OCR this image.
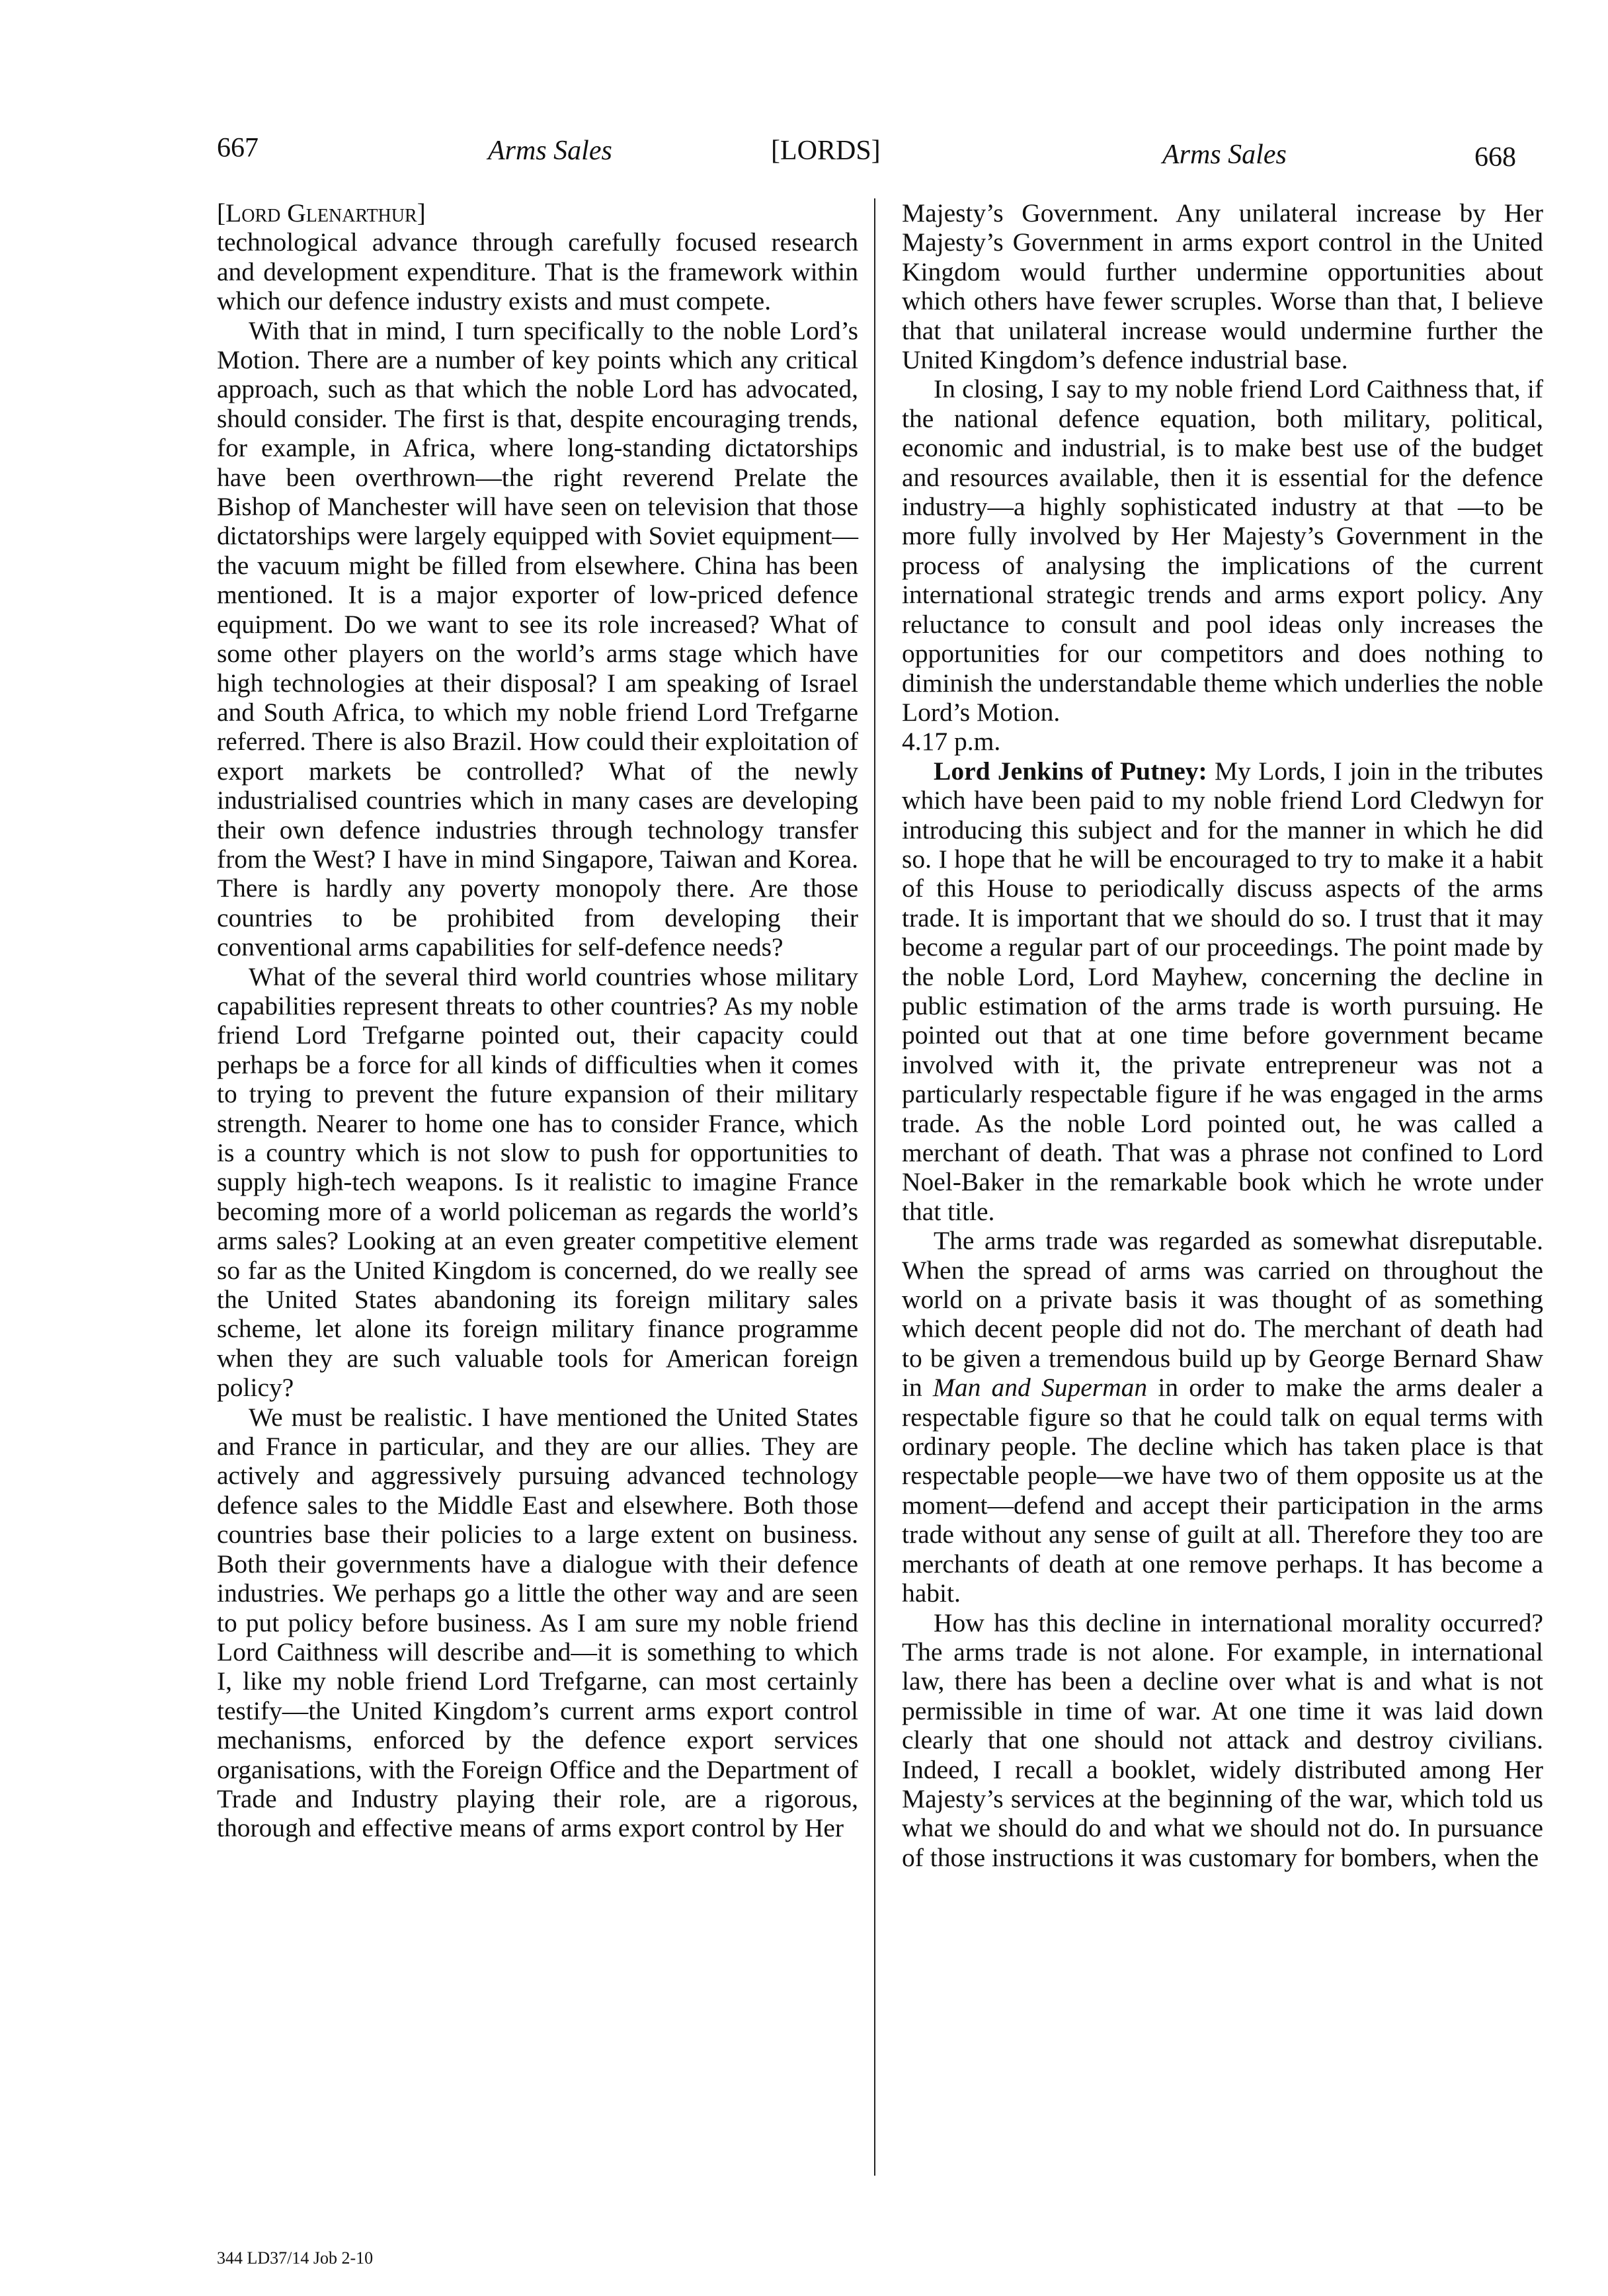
667	Arms Sales	[LORDS]	Arms Sales	668

[Lord Glenarthur]

technological advance through carefully focused research and development expenditure. That is the framework within which our defence industry exists and must compete.

With that in mind, I turn specifically to the noble Lord’s Motion. There are a number of key points which any critical approach, such as that which the noble Lord has advocated, should consider. The first is that, despite encouraging trends, for example, in Africa, where long-standing dictatorships have been overthrown—the right reverend Prelate the Bishop of Manchester will have seen on television that those dictatorships were largely equipped with Soviet equipment—the vacuum might be filled from elsewhere. China has been mentioned. It is a major exporter of low-priced defence equipment. Do we want to see its role increased? What of some other players on the world’s arms stage which have high technologies at their disposal? I am speaking of Israel and South Africa, to which my noble friend Lord Trefgarne referred. There is also Brazil. How could their exploitation of export markets be controlled? What of the newly industrialised countries which in many cases are developing their own defence industries through technology transfer from the West? I have in mind Singapore, Taiwan and Korea. There is hardly any poverty monopoly there. Are those countries to be prohibited from developing their conventional arms capabilities for self-defence needs?

What of the several third world countries whose military capabilities represent threats to other countries? As my noble friend Lord Trefgarne pointed out, their capacity could perhaps be a force for all kinds of difficulties when it comes to trying to prevent the future expansion of their military strength. Nearer to home one has to consider France, which is a country which is not slow to push for opportunities to supply high-tech weapons. Is it realistic to imagine France becoming more of a world policeman as regards the world’s arms sales? Looking at an even greater competitive element so far as the United Kingdom is concerned, do we really see the United States abandoning its foreign military sales scheme, let alone its foreign military finance programme when they are such valuable tools for American foreign policy?

We must be realistic. I have mentioned the United States and France in particular, and they are our allies. They are actively and aggressively pursuing advanced technology defence sales to the Middle East and elsewhere. Both those countries base their policies to a large extent on business. Both their governments have a dialogue with their defence industries. We perhaps go a little the other way and are seen to put policy before business. As I am sure my noble friend Lord Caithness will describe and—it is something to which I, like my noble friend Lord Trefgarne, can most certainly testify—the United Kingdom’s current arms export control mechanisms, enforced by the defence export services organisations, with the Foreign Office and the Department of Trade and Industry playing their role, are a rigorous, thorough and effective means of arms export control by Her

Majesty’s Government. Any unilateral increase by Her Majesty’s Government in arms export control in the United Kingdom would further undermine opportunities about which others have fewer scruples. Worse than that, I believe that that unilateral increase would undermine further the United Kingdom’s defence industrial base.

In closing, I say to my noble friend Lord Caithness that, if the national defence equation, both military, political, economic and industrial, is to make best use of the budget and resources available, then it is essential for the defence industry—a highly sophisticated industry at that —to be more fully involved by Her Majesty’s Government in the process of analysing the implications of the current international strategic trends and arms export policy. Any reluctance to consult and pool ideas only increases the opportunities for our competitors and does nothing to diminish the understandable theme which underlies the noble Lord’s Motion.

4.17 p.m.

Lord Jenkins of Putney: My Lords, I join in the tributes which have been paid to my noble friend Lord Cledwyn for introducing this subject and for the manner in which he did so. I hope that he will be encouraged to try to make it a habit of this House to periodically discuss aspects of the arms trade. It is important that we should do so. I trust that it may become a regular part of our proceedings. The point made by the noble Lord, Lord Mayhew, concerning the decline in public estimation of the arms trade is worth pursuing. He pointed out that at one time before government became involved with it, the private entrepreneur was not a particularly respectable figure if he was engaged in the arms trade. As the noble Lord pointed out, he was called a merchant of death. That was a phrase not confined to Lord Noel-Baker in the remarkable book which he wrote under that title.

The arms trade was regarded as somewhat disreputable. When the spread of arms was carried on throughout the world on a private basis it was thought of as something which decent people did not do. The merchant of death had to be given a tremendous build up by George Bernard Shaw in Man and Superman in order to make the arms dealer a respectable figure so that he could talk on equal terms with ordinary people. The decline which has taken place is that respectable people—we have two of them opposite us at the moment—defend and accept their participation in the arms trade without any sense of guilt at all. Therefore they too are merchants of death at one remove perhaps. It has become a habit.

How has this decline in international morality occurred? The arms trade is not alone. For example, in international law, there has been a decline over what is and what is not permissible in time of war. At one time it was laid down clearly that one should not attack and destroy civilians. Indeed, I recall a booklet, widely distributed among Her Majesty’s services at the beginning of the war, which told us what we should do and what we should not do. In pursuance of those instructions it was customary for bombers, when the

344 LD37/14 Job 2-10
